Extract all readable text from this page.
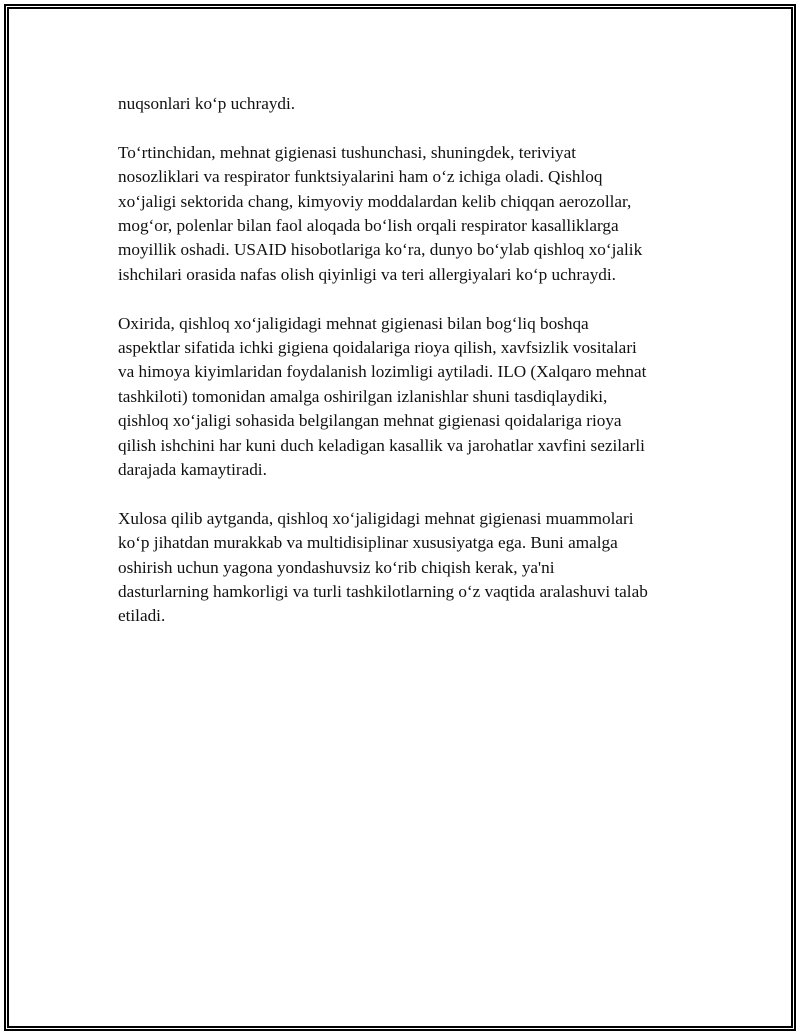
nuqsonlari ko‘p uchraydi.

To‘rtinchidan, mehnat gigienasi tushunchasi, shuningdek, teriviyat
nosozliklari va respirator funktsiyalarini ham o‘z ichiga oladi. Qishloq
xo‘jaligi sektorida chang, kimyoviy moddalardan kelib chiqqan aerozollar,
mog‘or, polenlar bilan faol aloqada bo‘lish orqali respirator kasalliklarga
moyillik oshadi. USAID hisobotlariga ko‘ra, dunyo bo‘ylab qishloq xo‘jalik
ishchilari orasida nafas olish qiyinligi va teri allergiyalari ko‘p uchraydi.

Oxirida, qishloq xo‘jaligidagi mehnat gigienasi bilan bog‘liq boshqa
aspektlar sifatida ichki gigiena qoidalariga rioya qilish, xavfsizlik vositalari
va himoya kiyimlaridan foydalanish lozimligi aytiladi. ILO (Xalqaro mehnat
tashkiloti) tomonidan amalga oshirilgan izlanishlar shuni tasdiqlaydiki,
qishloq xo‘jaligi sohasida belgilangan mehnat gigienasi qoidalariga rioya
qilish ishchini har kuni duch keladigan kasallik va jarohatlar xavfini sezilarli
darajada kamaytiradi.

Xulosa qilib aytganda, qishloq xo‘jaligidagi mehnat gigienasi muammolari
ko‘p jihatdan murakkab va multidisiplinar xususiyatga ega. Buni amalga
oshirish uchun yagona yondashuvsiz ko‘rib chiqish kerak, ya'ni
dasturlarning hamkorligi va turli tashkilotlarning o‘z vaqtida aralashuvi talab
etiladi.
